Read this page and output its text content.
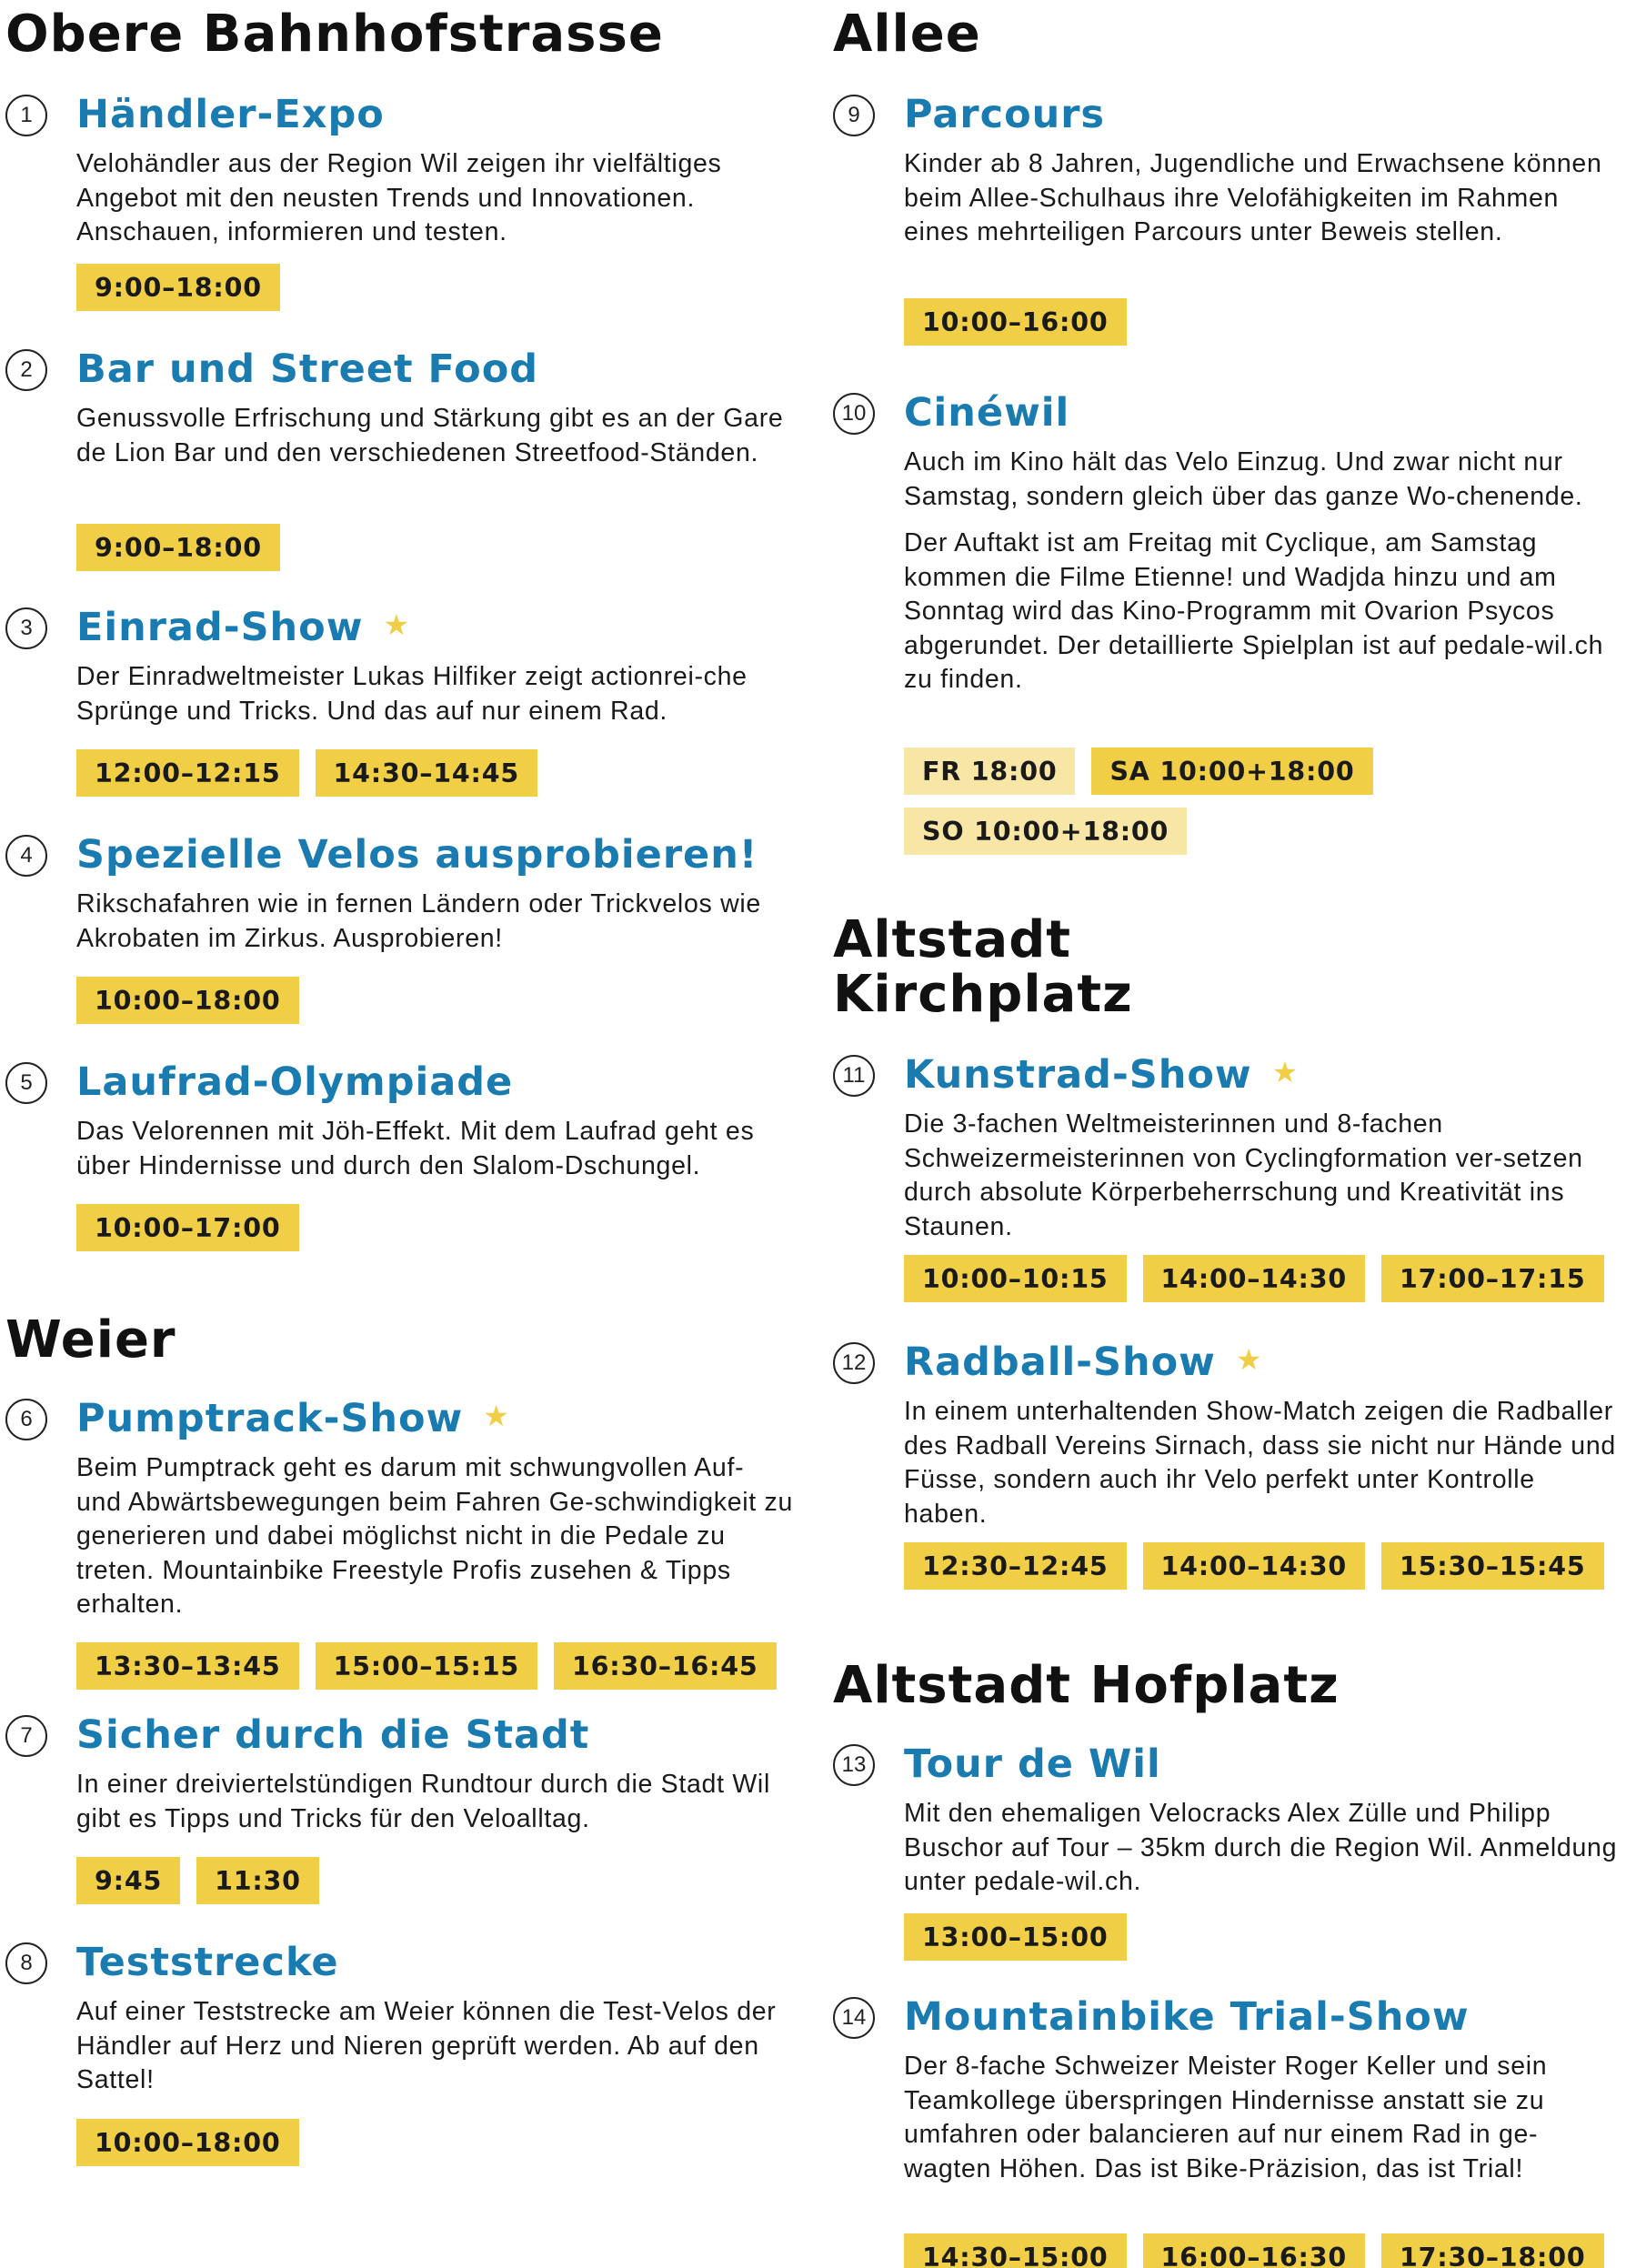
Obere Bahnhofstrasse
1	Händler-Expo

Velohändler aus der Region Wil zeigen ihr vielfältiges Angebot mit den neusten Trends und Innovationen. Anschauen, informieren und testen.

9:00–18:00
2	Bar und Street Food

Genussvolle Erfrischung und Stärkung gibt es an der Gare de Lion Bar und den verschiedenen Streetfood-Ständen.

9:00–18:00
3	Einrad-Show ★

Der Einradweltmeister Lukas Hilfiker zeigt actionrei-che Sprünge und Tricks. Und das auf nur einem Rad.

12:00–12:15	14:30–14:45
4	Spezielle Velos ausprobieren!

Rikschafahren wie in fernen Ländern oder Trickvelos wie Akrobaten im Zirkus. Ausprobieren!

10:00–18:00
5	Laufrad-Olympiade

Das Velorennen mit Jöh-Effekt. Mit dem Laufrad geht es über Hindernisse und durch den Slalom-Dschungel.

10:00–17:00
Weier
6	Pumptrack-Show ★

Beim Pumptrack geht es darum mit schwungvollen Auf- und Abwärtsbewegungen beim Fahren Ge-schwindigkeit zu generieren und dabei möglichst nicht in die Pedale zu treten. Mountainbike Freestyle Profis zusehen & Tipps erhalten.

13:30–13:45	15:00–15:15	16:30–16:45
7	Sicher durch die Stadt

In einer dreiviertelstündigen Rundtour durch die Stadt Wil gibt es Tipps und Tricks für den Veloalltag.

9:45	11:30
8	Teststrecke

Auf einer Teststrecke am Weier können die Test-Velos der Händler auf Herz und Nieren geprüft werden. Ab auf den Sattel!

10:00–18:00
Allee
9	Parcours

Kinder ab 8 Jahren, Jugendliche und Erwachsene können beim Allee-Schulhaus ihre Velofähigkeiten im Rahmen eines mehrteiligen Parcours unter Beweis stellen.

10:00–16:00
10 Cinéwil

Auch im Kino hält das Velo Einzug. Und zwar nicht nur Samstag, sondern gleich über das ganze Wo-chenende.

Der Auftakt ist am Freitag mit Cyclique, am Samstag kommen die Filme Etienne! und Wadjda hinzu und am Sonntag wird das Kino-Programm mit Ovarion Psycos abgerundet. Der detaillierte Spielplan ist auf pedale-wil.ch zu finden.

FR 18:00	SA 10:00+18:00
SO 10:00+18:00
Altstadt
Kirchplatz
11 Kunstrad-Show ★

Die 3-fachen Weltmeisterinnen und 8-fachen Schweizermeisterinnen von Cyclingformation ver-setzen durch absolute Körperbeherrschung und Kreativität ins Staunen.

10:00–10:15	14:00–14:30	17:00–17:15
12 Radball-Show ★

In einem unterhaltenden Show-Match zeigen die Radballer des Radball Vereins Sirnach, dass sie nicht nur Hände und Füsse, sondern auch ihr Velo perfekt unter Kontrolle haben.

12:30–12:45	14:00–14:30	15:30–15:45
Altstadt Hofplatz
13 Tour de Wil

Mit den ehemaligen Velocracks Alex Zülle und Philipp Buschor auf Tour – 35km durch die Region Wil. Anmeldung unter pedale-wil.ch.

13:00–15:00
14 Mountainbike Trial-Show

Der 8-fache Schweizer Meister Roger Keller und sein Teamkollege überspringen Hindernisse anstatt sie zu umfahren oder balancieren auf nur einem Rad in ge-wagten Höhen. Das ist Bike-Präzision, das ist Trial!

14:30–15:00	16:00–16:30	17:30–18:00
